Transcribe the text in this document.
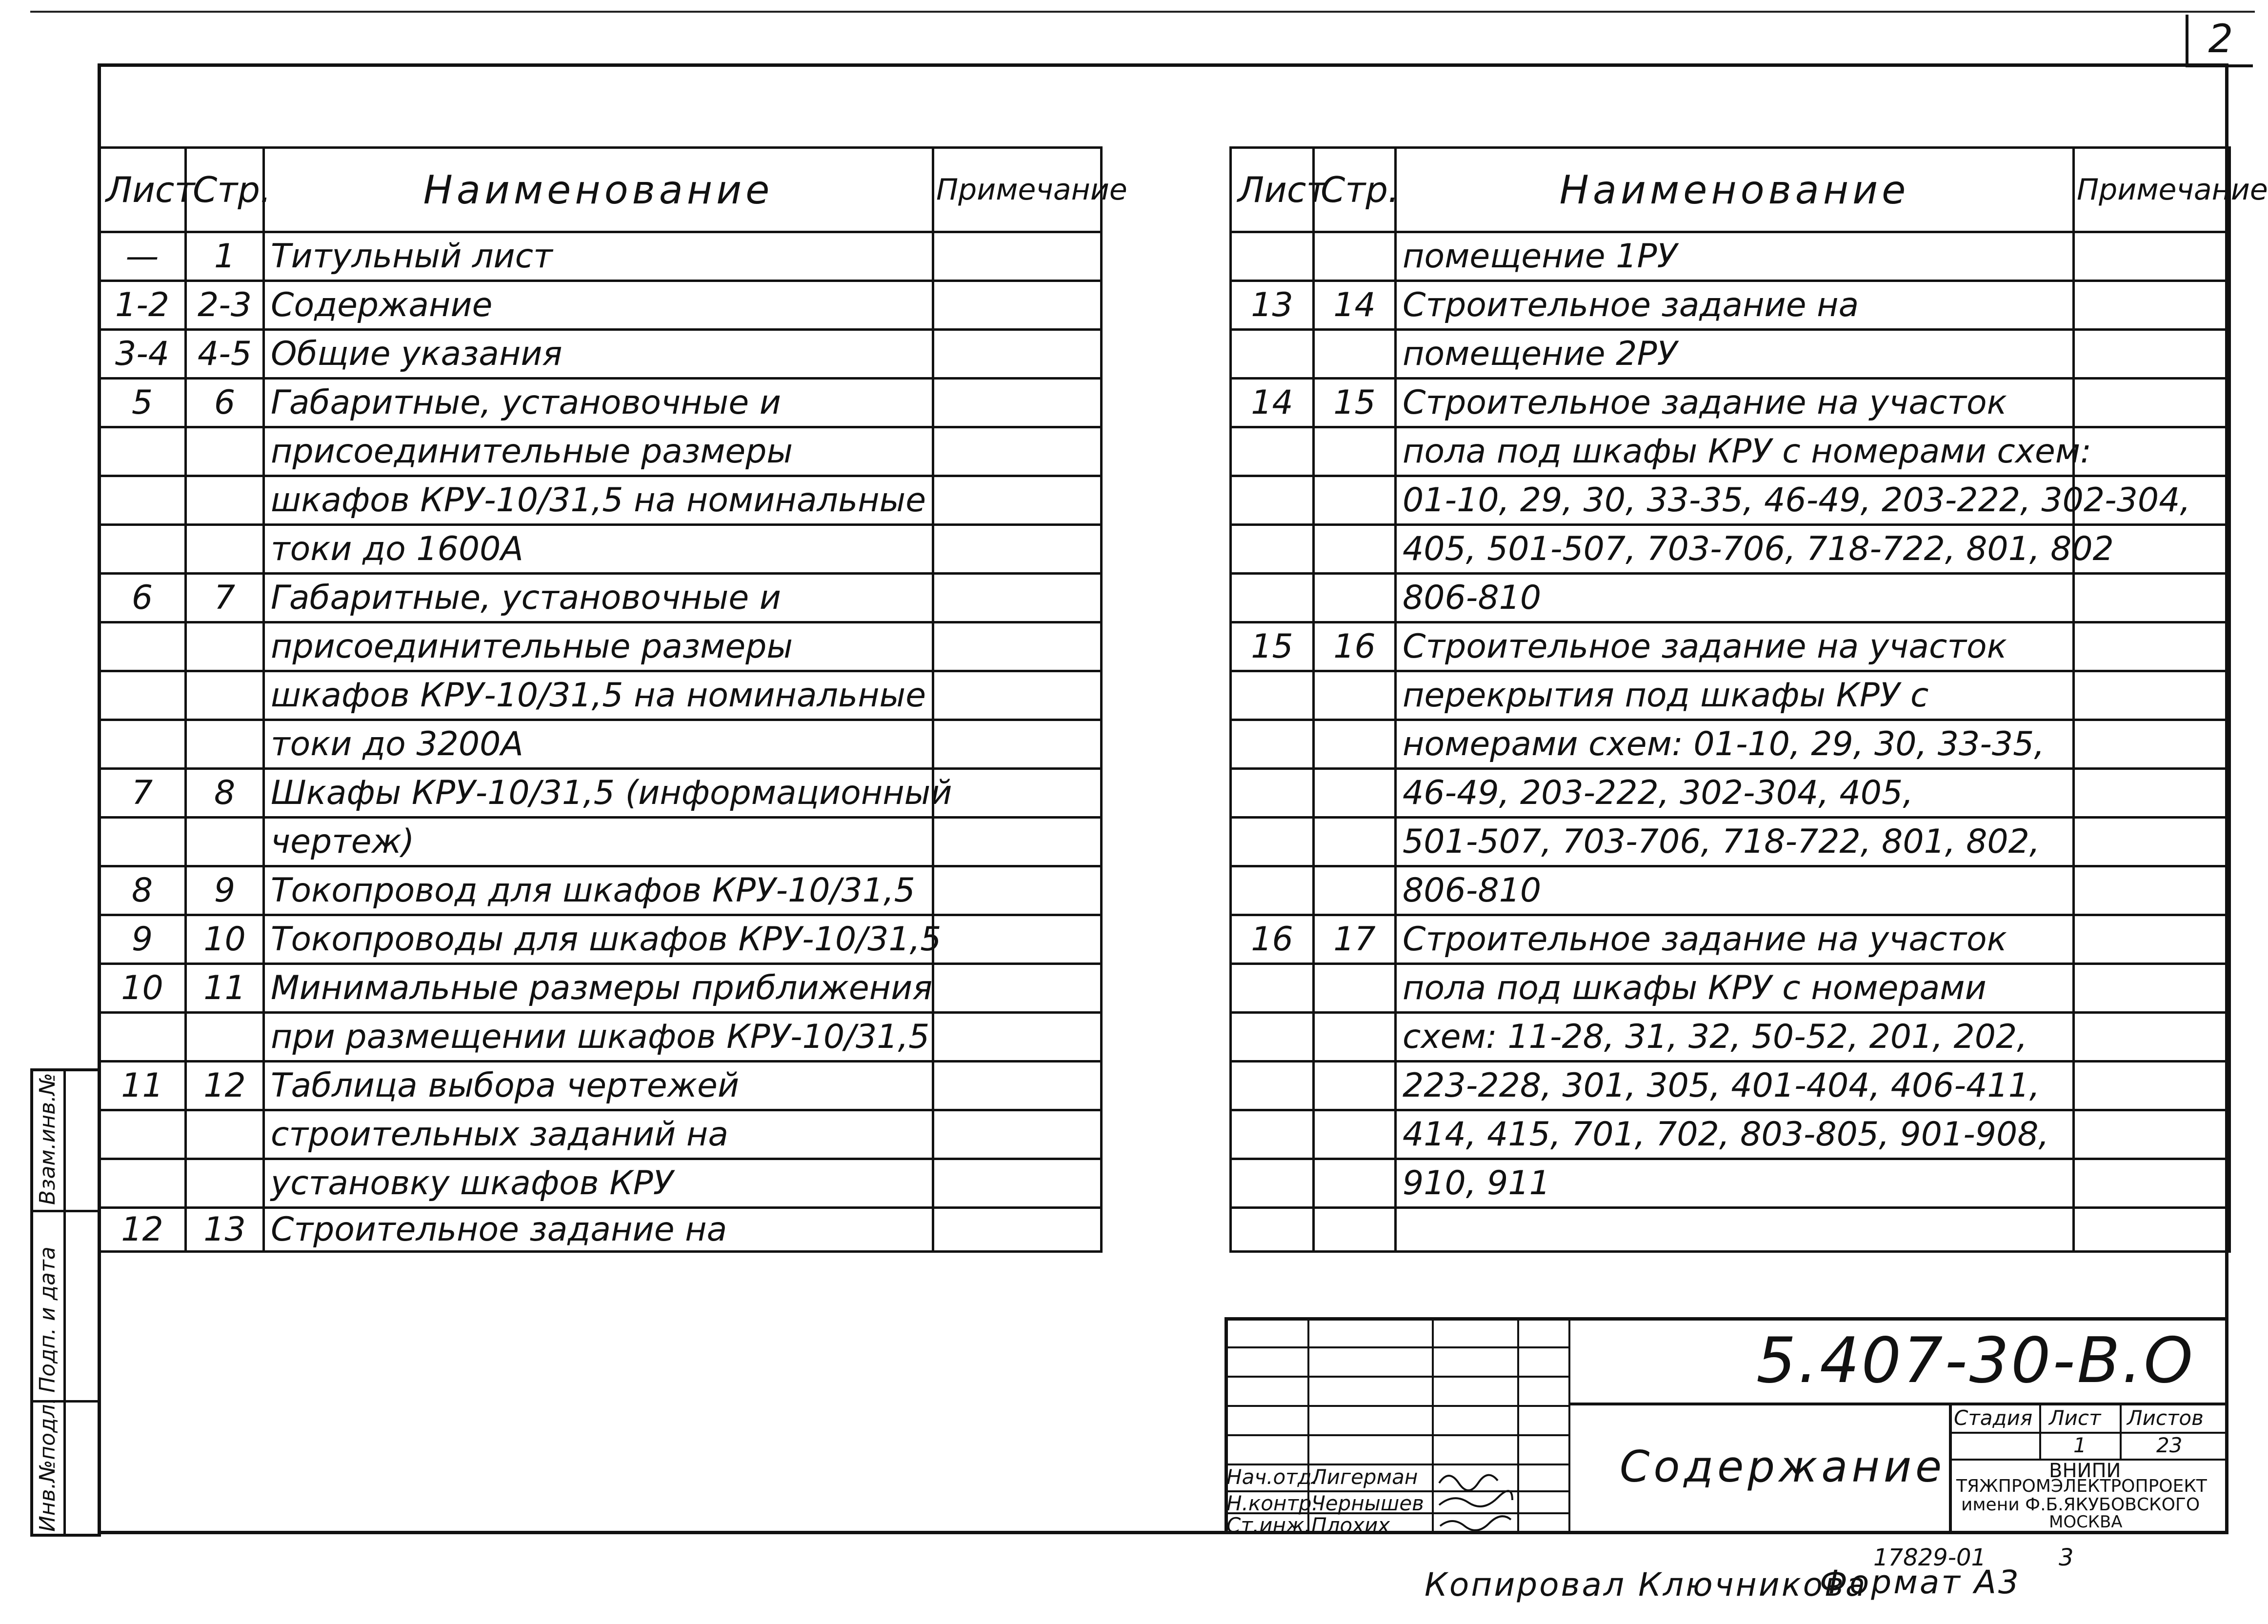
2
Лист	Стр.	Наименование	Примечание
—	1	Титульный лист	
1-2	2-3	Содержание	
3-4	4-5	Общие указания	
5	6	Габаритные, установочные и	
		присоединительные размеры	
		шкафов КРУ-10/31,5 на номинальные	
		токи до 1600А	
6	7	Габаритные, установочные и	
		присоединительные размеры	
		шкафов КРУ-10/31,5 на номинальные	
		токи до 3200А	
7	8	Шкафы КРУ-10/31,5 (информационный	
		чертеж)	
8	9	Токопровод для шкафов КРУ-10/31,5	
9	10	Токопроводы для шкафов КРУ-10/31,5	
10	11	Минимальные размеры приближения	
		при размещении шкафов КРУ-10/31,5	
11	12	Таблица выбора чертежей	
		строительных заданий на	
		установку шкафов КРУ	
12	13	Строительное задание на	
Лист	Стр.	Наименование	Примечание
		помещение 1РУ	
13	14	Строительное задание на	
		помещение 2РУ	
14	15	Строительное задание на участок	
		пола под шкафы КРУ с номерами схем:	
		01-10, 29, 30, 33-35, 46-49, 203-222, 302-304,	
		405, 501-507, 703-706, 718-722, 801, 802	
		806-810	
15	16	Строительное задание на участок	
		перекрытия под шкафы КРУ с	
		номерами схем: 01-10, 29, 30, 33-35,	
		46-49, 203-222, 302-304, 405,	
		501-507, 703-706, 718-722, 801, 802,	
		806-810	
16	17	Строительное задание на участок	
		пола под шкафы КРУ с номерами	
		схем: 11-28, 31, 32, 50-52, 201, 202,	
		223-228, 301, 305, 401-404, 406-411,	
		414, 415, 701, 702, 803-805, 901-908,	
		910, 911	

Взам.инв.№
Подп. и дата
Инв.№подл.
5.407-30-В.О
Содержание
Стадия Лист Листов
1	23
ВНИПИ
ТЯЖПРОМЭЛЕКТРОПРОЕКТ
имени Ф.Б.ЯКУБОВСКОГО
МОСКВА
Нач.отд.
Лигерман
Н.контр.
Чернышев
Ст.инж. Плохих
Копировал Ключникова
Формат А3
17829-01	3
